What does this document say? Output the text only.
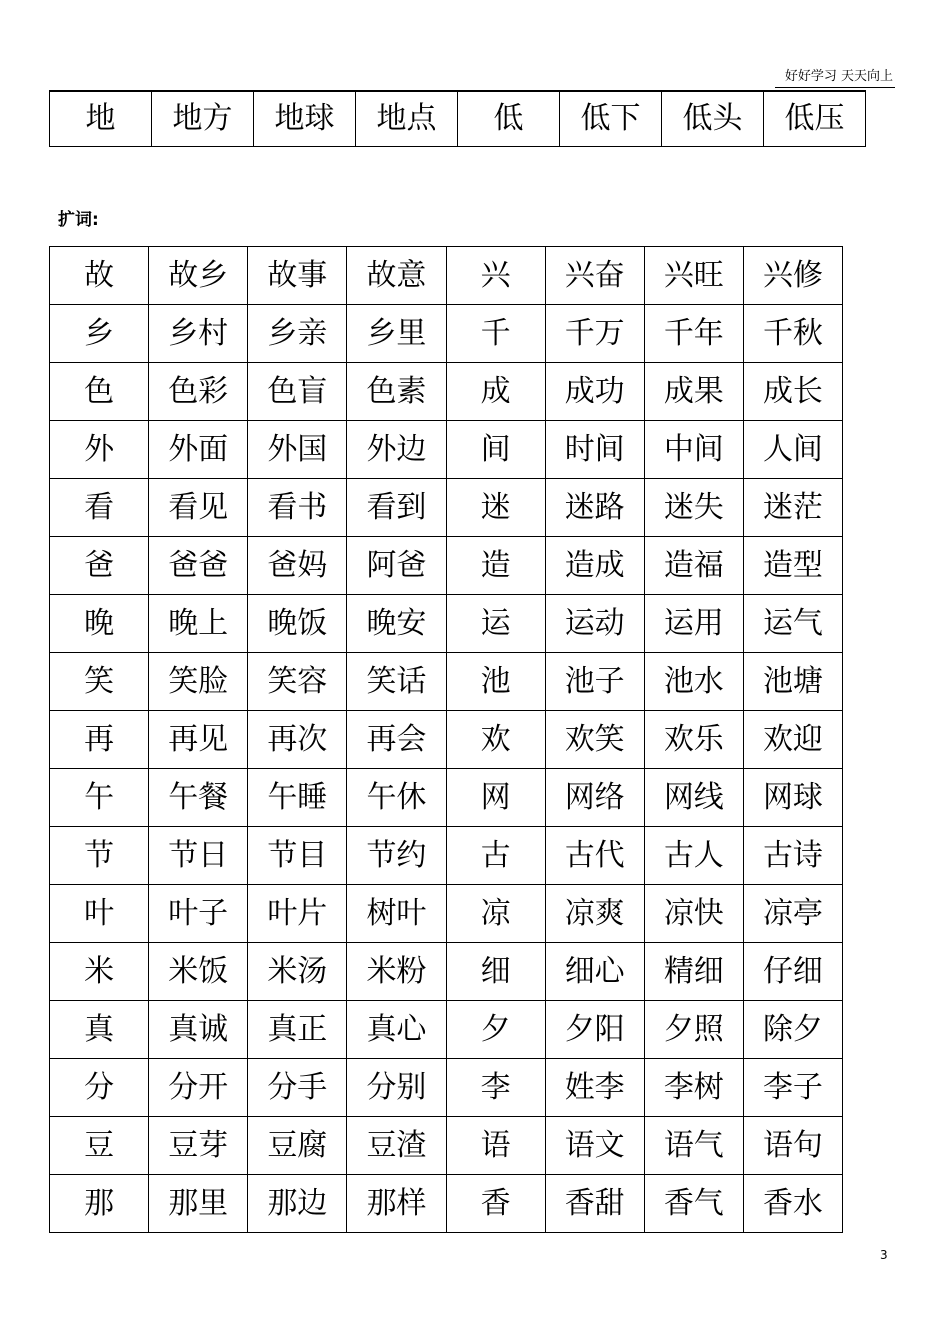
好好学习 天天向上
地	地方	地球	地点	低	低下	低头	低压
扩词:
故	故乡	故事	故意	兴	兴奋	兴旺	兴修
乡	乡村	乡亲	乡里	千	千万	千年	千秋
色	色彩	色盲	色素	成	成功	成果	成长
外	外面	外国	外边	间	时间	中间	人间
看	看见	看书	看到	迷	迷路	迷失	迷茫
爸	爸爸	爸妈	阿爸	造	造成	造福	造型
晚	晚上	晚饭	晚安	运	运动	运用	运气
笑	笑脸	笑容	笑话	池	池子	池水	池塘
再	再见	再次	再会	欢	欢笑	欢乐	欢迎
午	午餐	午睡	午休	网	网络	网线	网球
节	节日	节目	节约	古	古代	古人	古诗
叶	叶子	叶片	树叶	凉	凉爽	凉快	凉亭
米	米饭	米汤	米粉	细	细心	精细	仔细
真	真诚	真正	真心	夕	夕阳	夕照	除夕
分	分开	分手	分别	李	姓李	李树	李子
豆	豆芽	豆腐	豆渣	语	语文	语气	语句
那	那里	那边	那样	香	香甜	香气	香水
3
